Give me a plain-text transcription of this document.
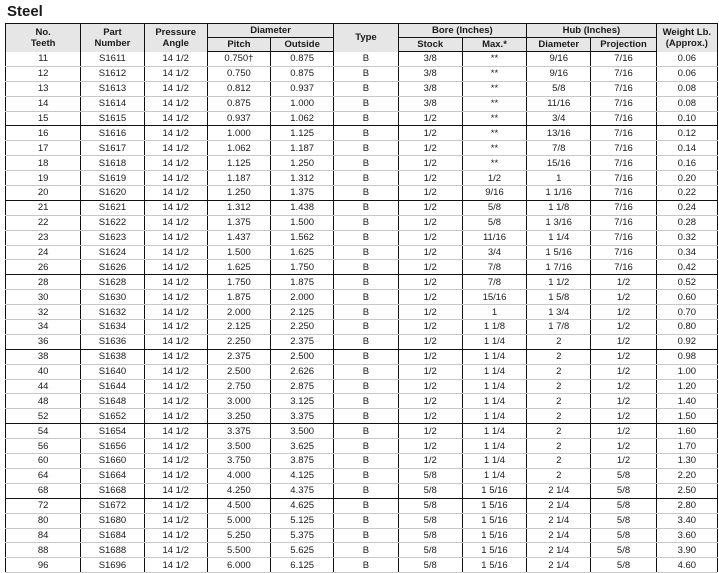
Steel
No.
Teeth	Part
Number	Pressure
Angle	Diameter		Type	Bore (Inches)		Hub (Inches)		Weight Lb.
(Approx.)
			Pitch	Outside		Stock	Max.*	Diameter	Projection	
11	S1611	14 1/2	0.750†	0.875	B	3/8	**	9/16	7/16	0.06
12	S1612	14 1/2	0.750	0.875	B	3/8	**	9/16	7/16	0.06
13	S1613	14 1/2	0.812	0.937	B	3/8	**	5/8	7/16	0.08
14	S1614	14 1/2	0.875	1.000	B	3/8	**	11/16	7/16	0.08
15	S1615	14 1/2	0.937	1.062	B	1/2	**	3/4	7/16	0.10
16	S1616	14 1/2	1.000	1.125	B	1/2	**	13/16	7/16	0.12
17	S1617	14 1/2	1.062	1.187	B	1/2	**	7/8	7/16	0.14
18	S1618	14 1/2	1.125	1.250	B	1/2	**	15/16	7/16	0.16
19	S1619	14 1/2	1.187	1.312	B	1/2	1/2	1	7/16	0.20
20	S1620	14 1/2	1.250	1.375	B	1/2	9/16	1 1/16	7/16	0.22
21	S1621	14 1/2	1.312	1.438	B	1/2	5/8	1 1/8	7/16	0.24
22	S1622	14 1/2	1.375	1.500	B	1/2	5/8	1 3/16	7/16	0.28
23	S1623	14 1/2	1.437	1.562	B	1/2	11/16	1 1/4	7/16	0.32
24	S1624	14 1/2	1.500	1.625	B	1/2	3/4	1 5/16	7/16	0.34
26	S1626	14 1/2	1.625	1.750	B	1/2	7/8	1 7/16	7/16	0.42
28	S1628	14 1/2	1.750	1.875	B	1/2	7/8	1 1/2	1/2	0.52
30	S1630	14 1/2	1.875	2.000	B	1/2	15/16	1 5/8	1/2	0.60
32	S1632	14 1/2	2.000	2.125	B	1/2	1	1 3/4	1/2	0.70
34	S1634	14 1/2	2.125	2.250	B	1/2	1 1/8	1 7/8	1/2	0.80
36	S1636	14 1/2	2.250	2.375	B	1/2	1 1/4	2	1/2	0.92
38	S1638	14 1/2	2.375	2.500	B	1/2	1 1/4	2	1/2	0.98
40	S1640	14 1/2	2.500	2.626	B	1/2	1 1/4	2	1/2	1.00
44	S1644	14 1/2	2.750	2.875	B	1/2	1 1/4	2	1/2	1.20
48	S1648	14 1/2	3.000	3.125	B	1/2	1 1/4	2	1/2	1.40
52	S1652	14 1/2	3.250	3.375	B	1/2	1 1/4	2	1/2	1.50
54	S1654	14 1/2	3.375	3.500	B	1/2	1 1/4	2	1/2	1.60
56	S1656	14 1/2	3.500	3.625	B	1/2	1 1/4	2	1/2	1.70
60	S1660	14 1/2	3.750	3.875	B	1/2	1 1/4	2	1/2	1.30
64	S1664	14 1/2	4.000	4.125	B	5/8	1 1/4	2	5/8	2.20
68	S1668	14 1/2	4.250	4.375	B	5/8	1 5/16	2 1/4	5/8	2.50
72	S1672	14 1/2	4.500	4.625	B	5/8	1 5/16	2 1/4	5/8	2.80
80	S1680	14 1/2	5.000	5.125	B	5/8	1 5/16	2 1/4	5/8	3.40
84	S1684	14 1/2	5.250	5.375	B	5/8	1 5/16	2 1/4	5/8	3.60
88	S1688	14 1/2	5.500	5.625	B	5/8	1 5/16	2 1/4	5/8	3.90
96	S1696	14 1/2	6.000	6.125	B	5/8	1 5/16	2 1/4	5/8	4.60
